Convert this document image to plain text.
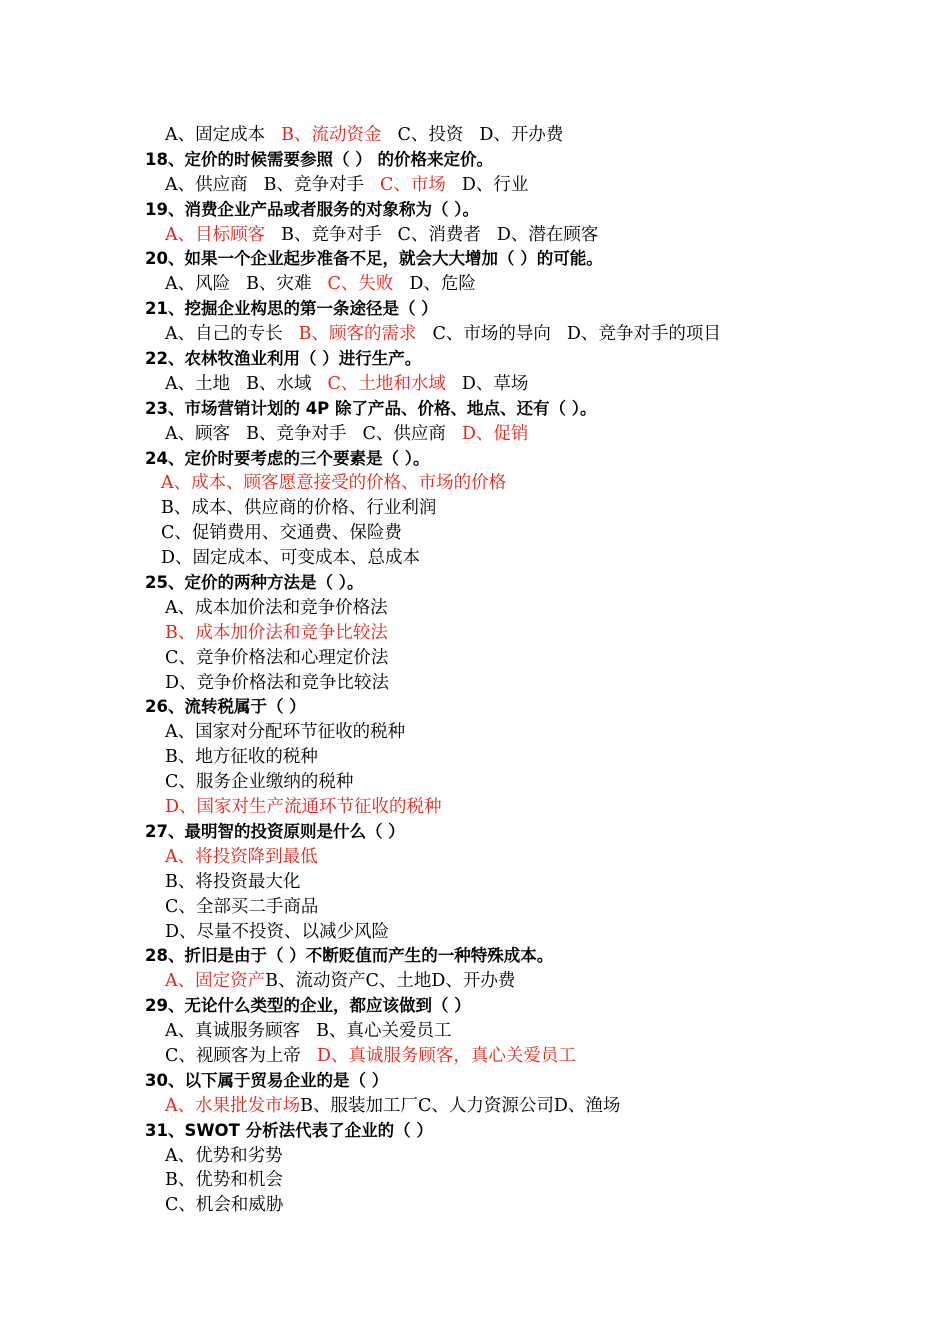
A、固定成本 B、流动资金 C、投资 D、开办费
18、定价的时候需要参照（ ） 的价格来定价。
A、供应商 B、竞争对手 C、市场 D、行业
19、消费企业产品或者服务的对象称为（ ）。
A、目标顾客 B、竞争对手 C、消费者 D、潜在顾客
20、如果一个企业起步准备不足，就会大大增加（ ）的可能。
A、风险 B、灾难 C、失败 D、危险
21、挖掘企业构思的第一条途径是（ ）
A、自己的专长 B、顾客的需求 C、市场的导向 D、竞争对手的项目
22、农林牧渔业利用（ ）进行生产。
A、土地 B、水域 C、土地和水域 D、草场
23、市场营销计划的 4P 除了产品、价格、地点、还有（ ）。
A、顾客 B、竞争对手 C、供应商 D、促销
24、定价时要考虑的三个要素是（ ）。
A、成本、顾客愿意接受的价格、市场的价格
B、成本、供应商的价格、行业利润
C、促销费用、交通费、保险费
D、固定成本、可变成本、总成本
25、定价的两种方法是（ ）。
A、成本加价法和竞争价格法
B、成本加价法和竞争比较法
C、竞争价格法和心理定价法
D、竞争价格法和竞争比较法
26、流转税属于（ ）
A、国家对分配环节征收的税种
B、地方征收的税种
C、服务企业缴纳的税种
D、国家对生产流通环节征收的税种
27、最明智的投资原则是什么（ ）
A、将投资降到最低
B、将投资最大化
C、全部买二手商品
D、尽量不投资、以减少风险
28、折旧是由于（ ）不断贬值而产生的一种特殊成本。
A、固定资产B、流动资产C、土地D、开办费
29、无论什么类型的企业，都应该做到（ ）
A、真诚服务顾客 B、真心关爱员工
C、视顾客为上帝 D、真诚服务顾客，真心关爱员工
30、以下属于贸易企业的是（ ）
A、水果批发市场B、服装加工厂C、人力资源公司D、渔场
31、SWOT 分析法代表了企业的（ ）
A、优势和劣势
B、优势和机会
C、机会和威胁
